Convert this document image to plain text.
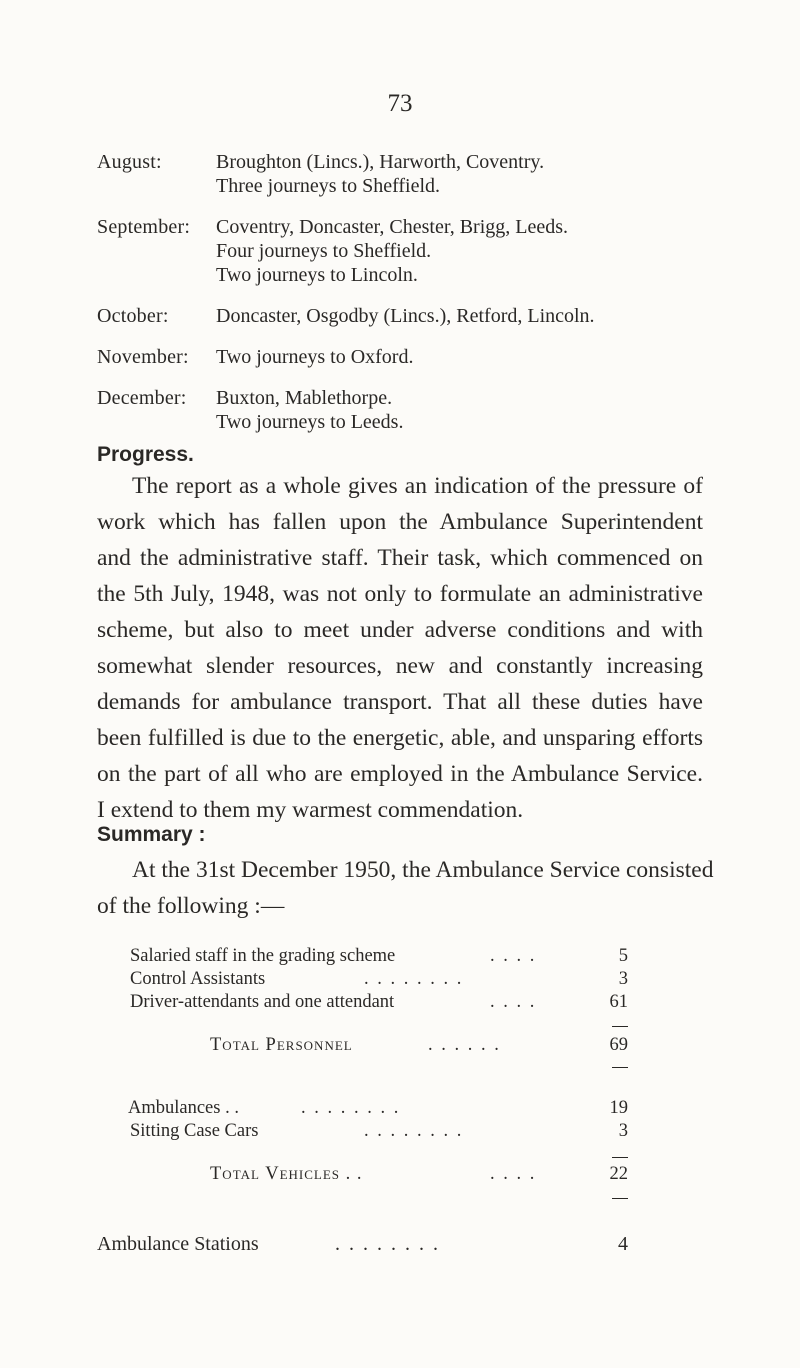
73
August:	Broughton (Lincs.), Harworth, Coventry.
Three journeys to Sheffield.
September:	Coventry, Doncaster, Chester, Brigg, Leeds.
Four journeys to Sheffield.
Two journeys to Lincoln.
October:	Doncaster, Osgodby (Lincs.), Retford, Lincoln.
November:	Two journeys to Oxford.
December:	Buxton, Mablethorpe.
Two journeys to Leeds.
Progress.
The report as a whole gives an indication of the pressure of
work which has fallen upon the Ambulance Superintendent
and the administrative staff. Their task, which commenced on
the 5th July, 1948, was not only to formulate an administrative
scheme, but also to meet under adverse conditions and with
somewhat slender resources, new and constantly increasing
demands for ambulance transport. That all these duties have
been fulfilled is due to the energetic, able, and unsparing efforts
on the part of all who are employed in the Ambulance Service.
I extend to them my warmest commendation.
Summary :
At the 31st December 1950, the Ambulance Service consisted
of the following :—
Salaried staff in the grading scheme	. . . .	5
Control Assistants	. . . . . . . .	3
Driver-attendants and one attendant	. . . .	61
Total Personnel	. . . . . .	69
Ambulances . .	. . . . . . . .	19
Sitting Case Cars	. . . . . . . .	3
Total Vehicles . .	. . . .	22
Ambulance Stations	. . . . . . . .	4
